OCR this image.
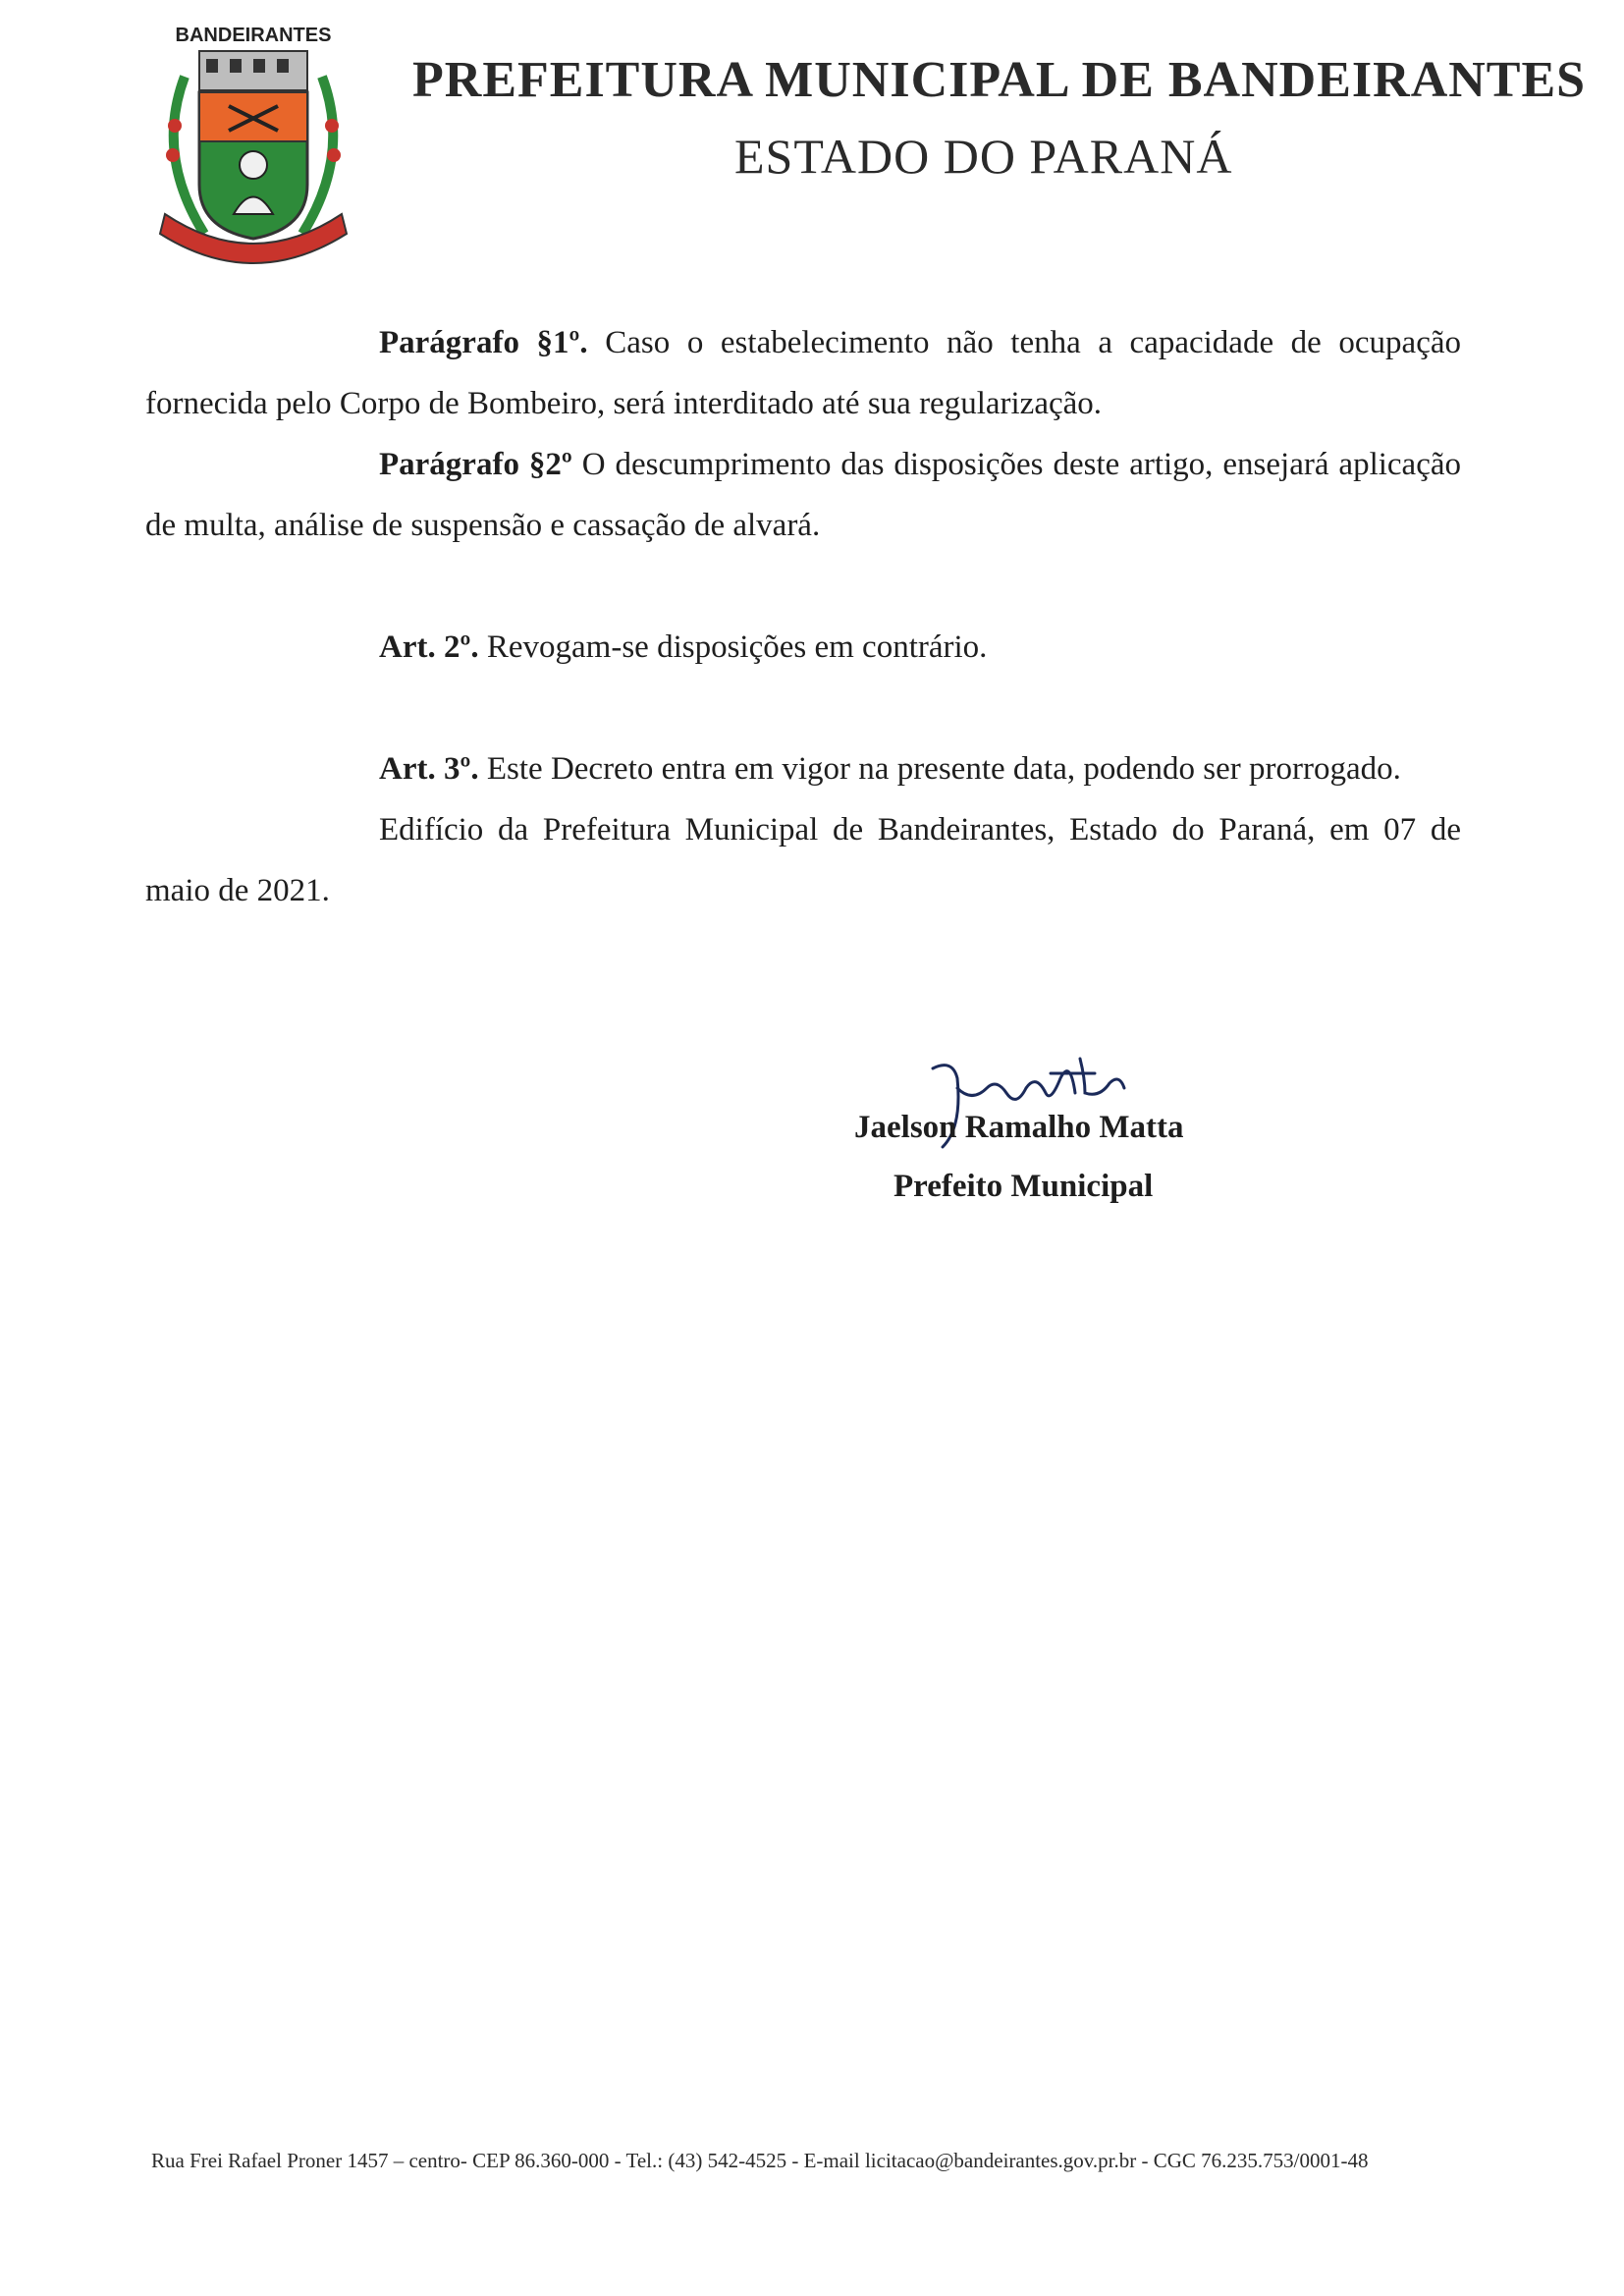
BANDEIRANTES
PREFEITURA MUNICIPAL DE BANDEIRANTES
ESTADO DO PARANÁ

Parágrafo §1º. Caso o estabelecimento não tenha a capacidade de ocupação fornecida pelo Corpo de Bombeiro, será interditado até sua regularização.

Parágrafo §2º O descumprimento das disposições deste artigo, ensejará aplicação de multa, análise de suspensão e cassação de alvará.

Art. 2º. Revogam-se disposições em contrário.

Art. 3º. Este Decreto entra em vigor na presente data, podendo ser prorrogado.

Edifício da Prefeitura Municipal de Bandeirantes, Estado do Paraná, em 07 de maio de 2021.

Jaelson Ramalho Matta
Prefeito Municipal
Rua Frei Rafael Proner 1457 – centro- CEP 86.360-000 - Tel.: (43) 542-4525 - E-mail licitacao@bandeirantes.gov.pr.br - CGC 76.235.753/0001-48
